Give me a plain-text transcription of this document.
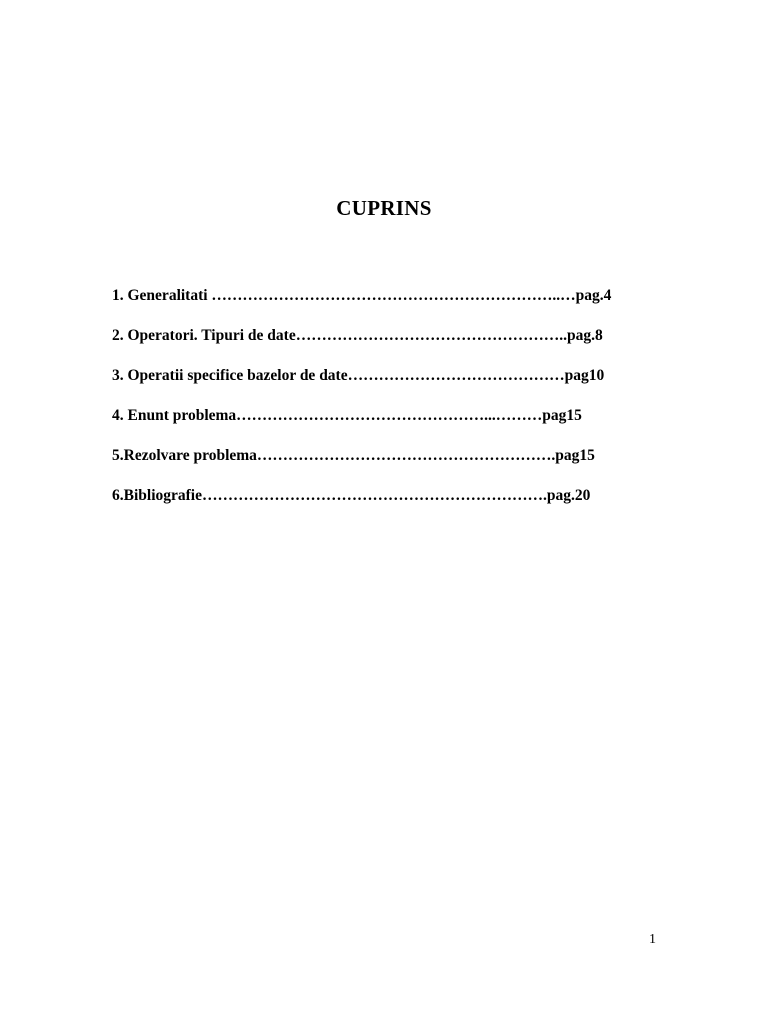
CUPRINS
1. Generalitati …………………………………………………………..…pag.4
2. Operatori. Tipuri de date……………………………………………..pag.8
3. Operatii specifice bazelor de date……………………………………pag10
4. Enunt problema…………………………………………...………pag15
5.Rezolvare problema………………………………………………….pag15
6.Bibliografie………………………………………………………….pag.20
1
